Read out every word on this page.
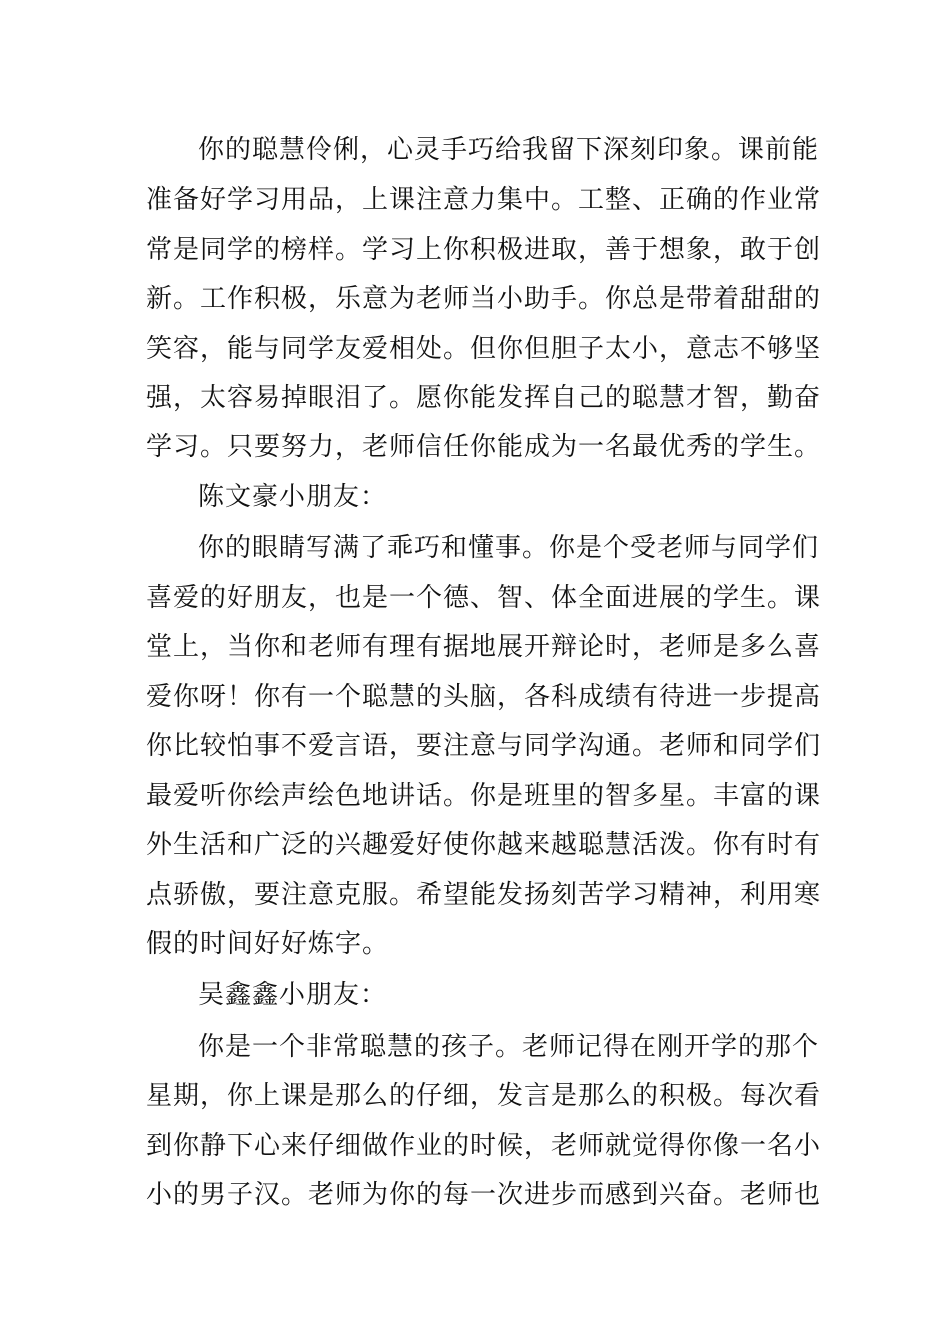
你的聪慧伶俐，心灵手巧给我留下深刻印象。课前能
准备好学习用品，上课注意力集中。工整、正确的作业常
常是同学的榜样。学习上你积极进取，善于想象，敢于创
新。工作积极，乐意为老师当小助手。你总是带着甜甜的
笑容，能与同学友爱相处。但你但胆子太小，意志不够坚
强，太容易掉眼泪了。愿你能发挥自己的聪慧才智，勤奋
学习。只要努力，老师信任你能成为一名最优秀的学生。
陈文豪小朋友：
你的眼睛写满了乖巧和懂事。你是个受老师与同学们
喜爱的好朋友，也是一个德、智、体全面进展的学生。课
堂上，当你和老师有理有据地展开辩论时，老师是多么喜
爱你呀！你有一个聪慧的头脑，各科成绩有待进一步提高
你比较怕事不爱言语，要注意与同学沟通。老师和同学们
最爱听你绘声绘色地讲话。你是班里的智多星。丰富的课
外生活和广泛的兴趣爱好使你越来越聪慧活泼。你有时有
点骄傲，要注意克服。希望能发扬刻苦学习精神，利用寒
假的时间好好炼字。
吴鑫鑫小朋友：
你是一个非常聪慧的孩子。老师记得在刚开学的那个
星期，你上课是那么的仔细，发言是那么的积极。每次看
到你静下心来仔细做作业的时候，老师就觉得你像一名小
小的男子汉。老师为你的每一次进步而感到兴奋。老师也
